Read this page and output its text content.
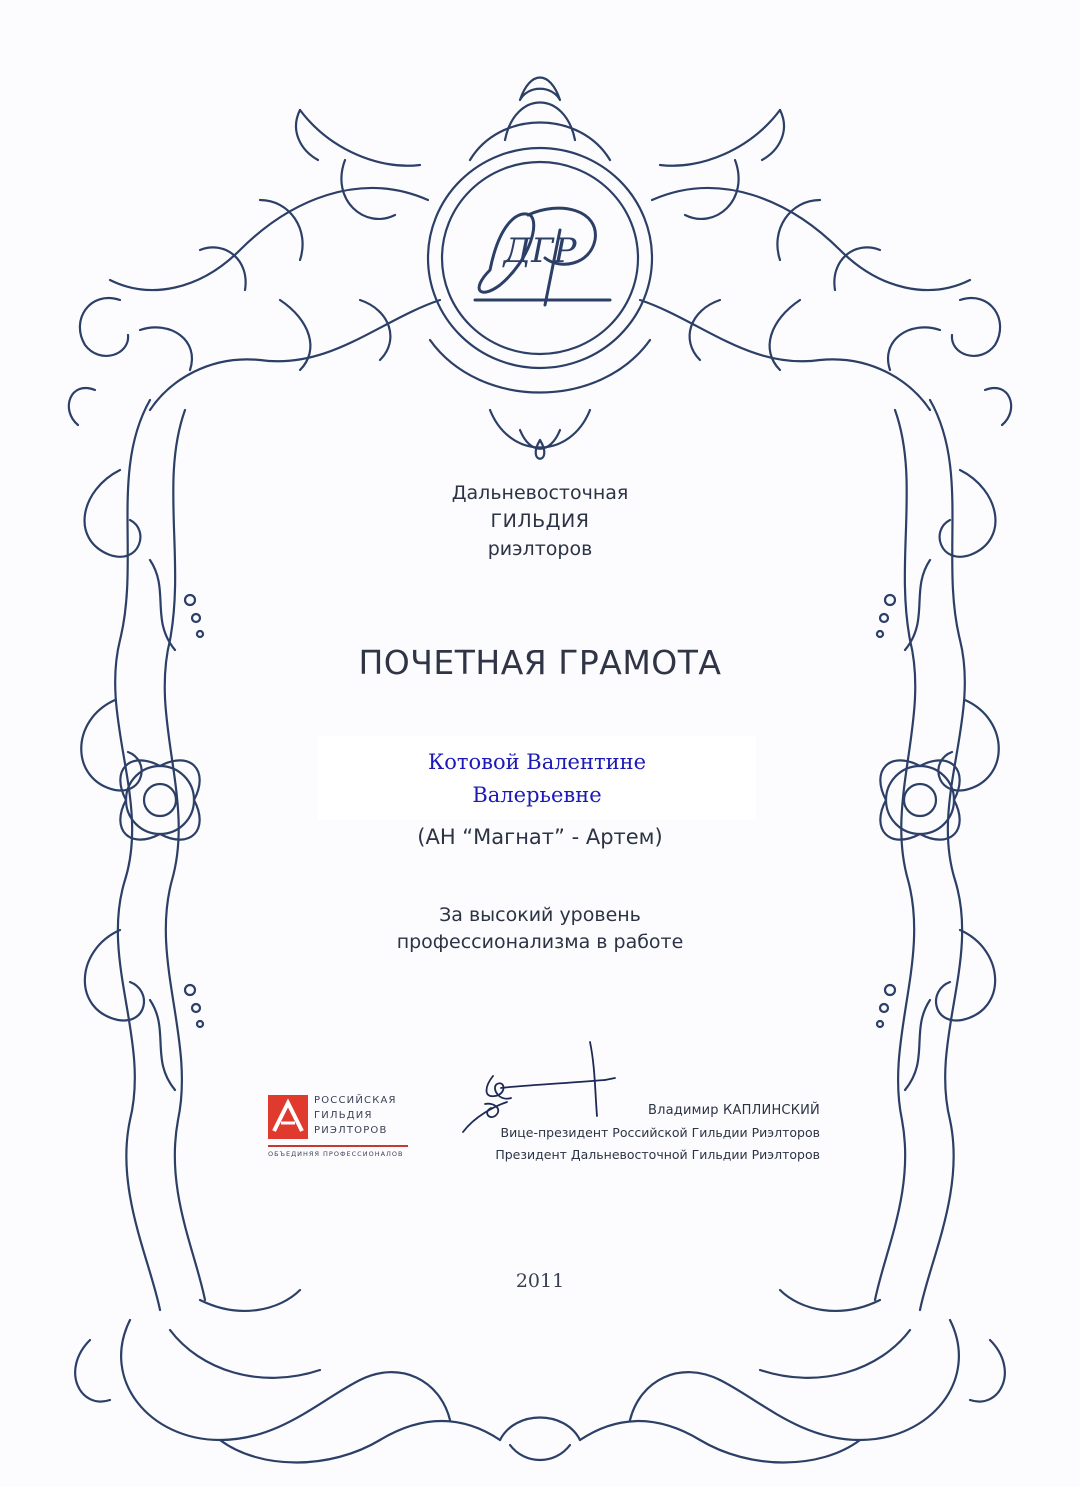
ДГР
Дальневосточная
ГИЛЬДИЯ
риэлторов
ПОЧЕТНАЯ ГРАМОТА
Котовой Валентине
Валерьевне
(АН “Магнат” - Артем)
За высокий уровень
профессионализма в работе
РОССИЙСКАЯ
ГИЛЬДИЯ
РИЭЛТОРОВ
ОБЪЕДИНЯЯ ПРОФЕССИОНАЛОВ
Владимир КАПЛИНСКИЙ
Вице-президент Российской Гильдии Риэлторов
Президент Дальневосточной Гильдии Риэлторов
2011
